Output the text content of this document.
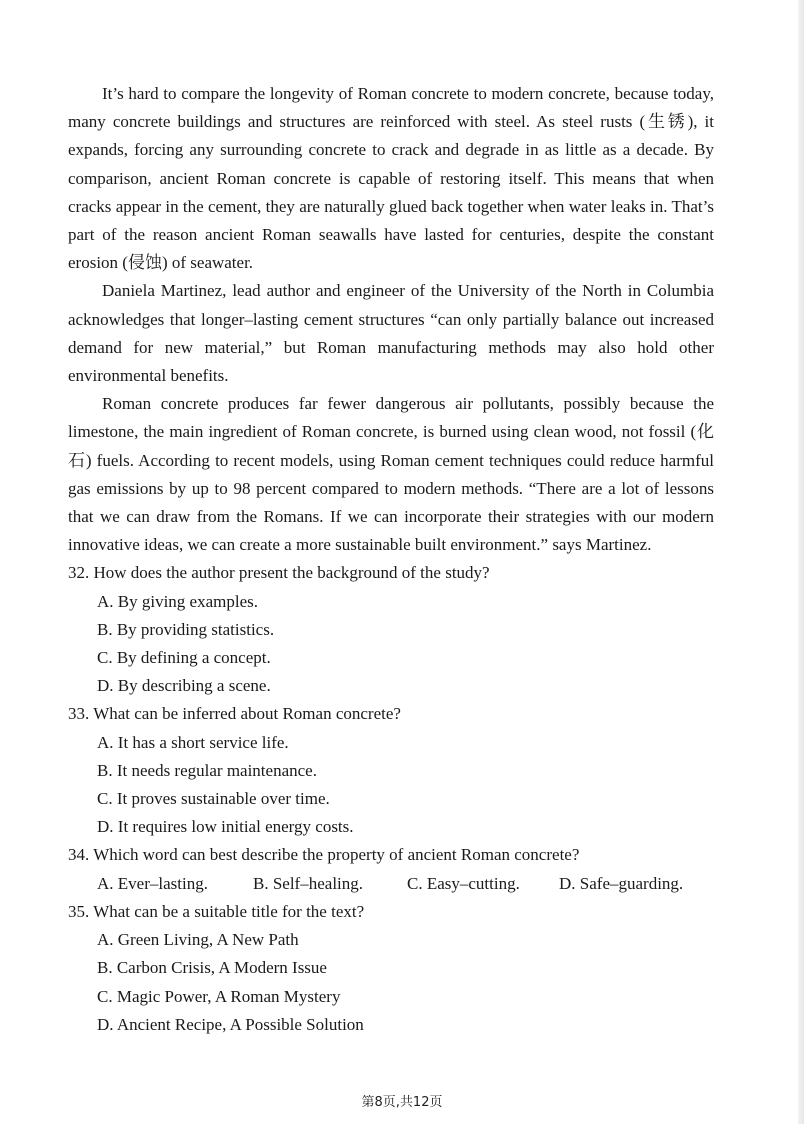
It’s hard to compare the longevity of Roman concrete to modern concrete, because today, many concrete buildings and structures are reinforced with steel. As steel rusts (生锈), it expands, forcing any surrounding concrete to crack and degrade in as little as a decade. By comparison, ancient Roman concrete is capable of restoring itself. This means that when cracks appear in the cement, they are naturally glued back together when water leaks in. That’s part of the reason ancient Roman seawalls have lasted for centuries, despite the constant erosion (侵蚀) of seawater.

Daniela Martinez, lead author and engineer of the University of the North in Columbia acknowledges that longer–lasting cement structures “can only partially balance out increased demand for new material,” but Roman manufacturing methods may also hold other environmental benefits.

Roman concrete produces far fewer dangerous air pollutants, possibly because the limestone, the main ingredient of Roman concrete, is burned using clean wood, not fossil (化石) fuels. According to recent models, using Roman cement techniques could reduce harmful gas emissions by up to 98 percent compared to modern methods. “There are a lot of lessons that we can draw from the Romans. If we can incorporate their strategies with our modern innovative ideas, we can create a more sustainable built environment.” says Martinez.

32. How does the author present the background of the study?

A. By giving examples.

B. By providing statistics.

C. By defining a concept.

D. By describing a scene.

33. What can be inferred about Roman concrete?

A. It has a short service life.

B. It needs regular maintenance.

C. It proves sustainable over time.

D. It requires low initial energy costs.

34. Which word can best describe the property of ancient Roman concrete?

A. Ever–lasting.	B. Self–healing.	C. Easy–cutting.	D. Safe–guarding.

35. What can be a suitable title for the text?

A. Green Living, A New Path

B. Carbon Crisis, A Modern Issue

C. Magic Power, A Roman Mystery

D. Ancient Recipe, A Possible Solution

第8页,共12页
